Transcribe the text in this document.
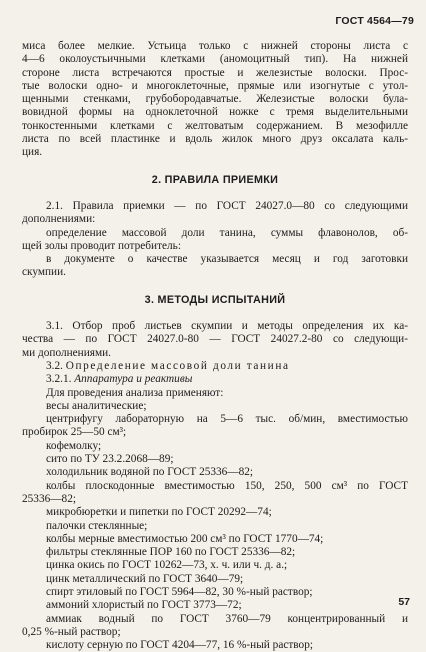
ГОСТ 4564—79
миса более мелкие. Устьица только с нижней стороны листа с
4—6 околоустьичными клетками (аномоцитный тип). На нижней
стороне листа встречаются простые и железистые волоски. Прос-
тые волоски одно- и многоклеточные, прямые или изогнутые с утол-
щенными стенками, грубобородавчатые. Железистые волоски була-
вовидной формы на одноклеточной ножке с тремя выделительными
тонкостенными клетками с желтоватым содержанием. В мезофилле
листа по всей пластинке и вдоль жилок много друз оксалата каль-
ция.
2. ПРАВИЛА ПРИЕМКИ
2.1. Правила приемки — по ГОСТ 24027.0—80 со следующими
дополнениями:
определение массовой доли танина, суммы флавонолов, об-
щей золы проводит потребитель:
в документе о качестве указывается месяц и год заготовки
скумпии.
3. МЕТОДЫ ИСПЫТАНИЙ
3.1. Отбор проб листьев скумпии и методы определения их ка-
чества — по ГОСТ 24027.0-80 — ГОСТ 24027.2-80 со следующи-
ми дополнениями.
3.2. Определение массовой доли танина
3.2.1. Аппаратура и реактивы
Для проведения анализа применяют:
весы аналитические;
центрифугу лабораторную на 5—6 тыс. об/мин, вместимостью
пробирок 25—50 см³;
кофемолку;
сито по ТУ 23.2.2068—89;
холодильник водяной по ГОСТ 25336—82;
колбы плоскодонные вместимостью 150, 250, 500 см³ по ГОСТ
25336—82;
микробюретки и пипетки по ГОСТ 20292—74;
палочки стеклянные;
колбы мерные вместимостью 200 см³ по ГОСТ 1770—74;
фильтры стеклянные ПОР 160 по ГОСТ 25336—82;
цинка окись по ГОСТ 10262—73, х. ч. или ч. д. а.;
цинк металлический по ГОСТ 3640—79;
спирт этиловый по ГОСТ 5964—82, 30 %-ный раствор;
аммоний хлористый по ГОСТ 3773—72;
аммиак водный по ГОСТ 3760—79 концентрированный и
0,25 %-ный раствор;
кислоту серную по ГОСТ 4204—77, 16 %-ный раствор;
57
